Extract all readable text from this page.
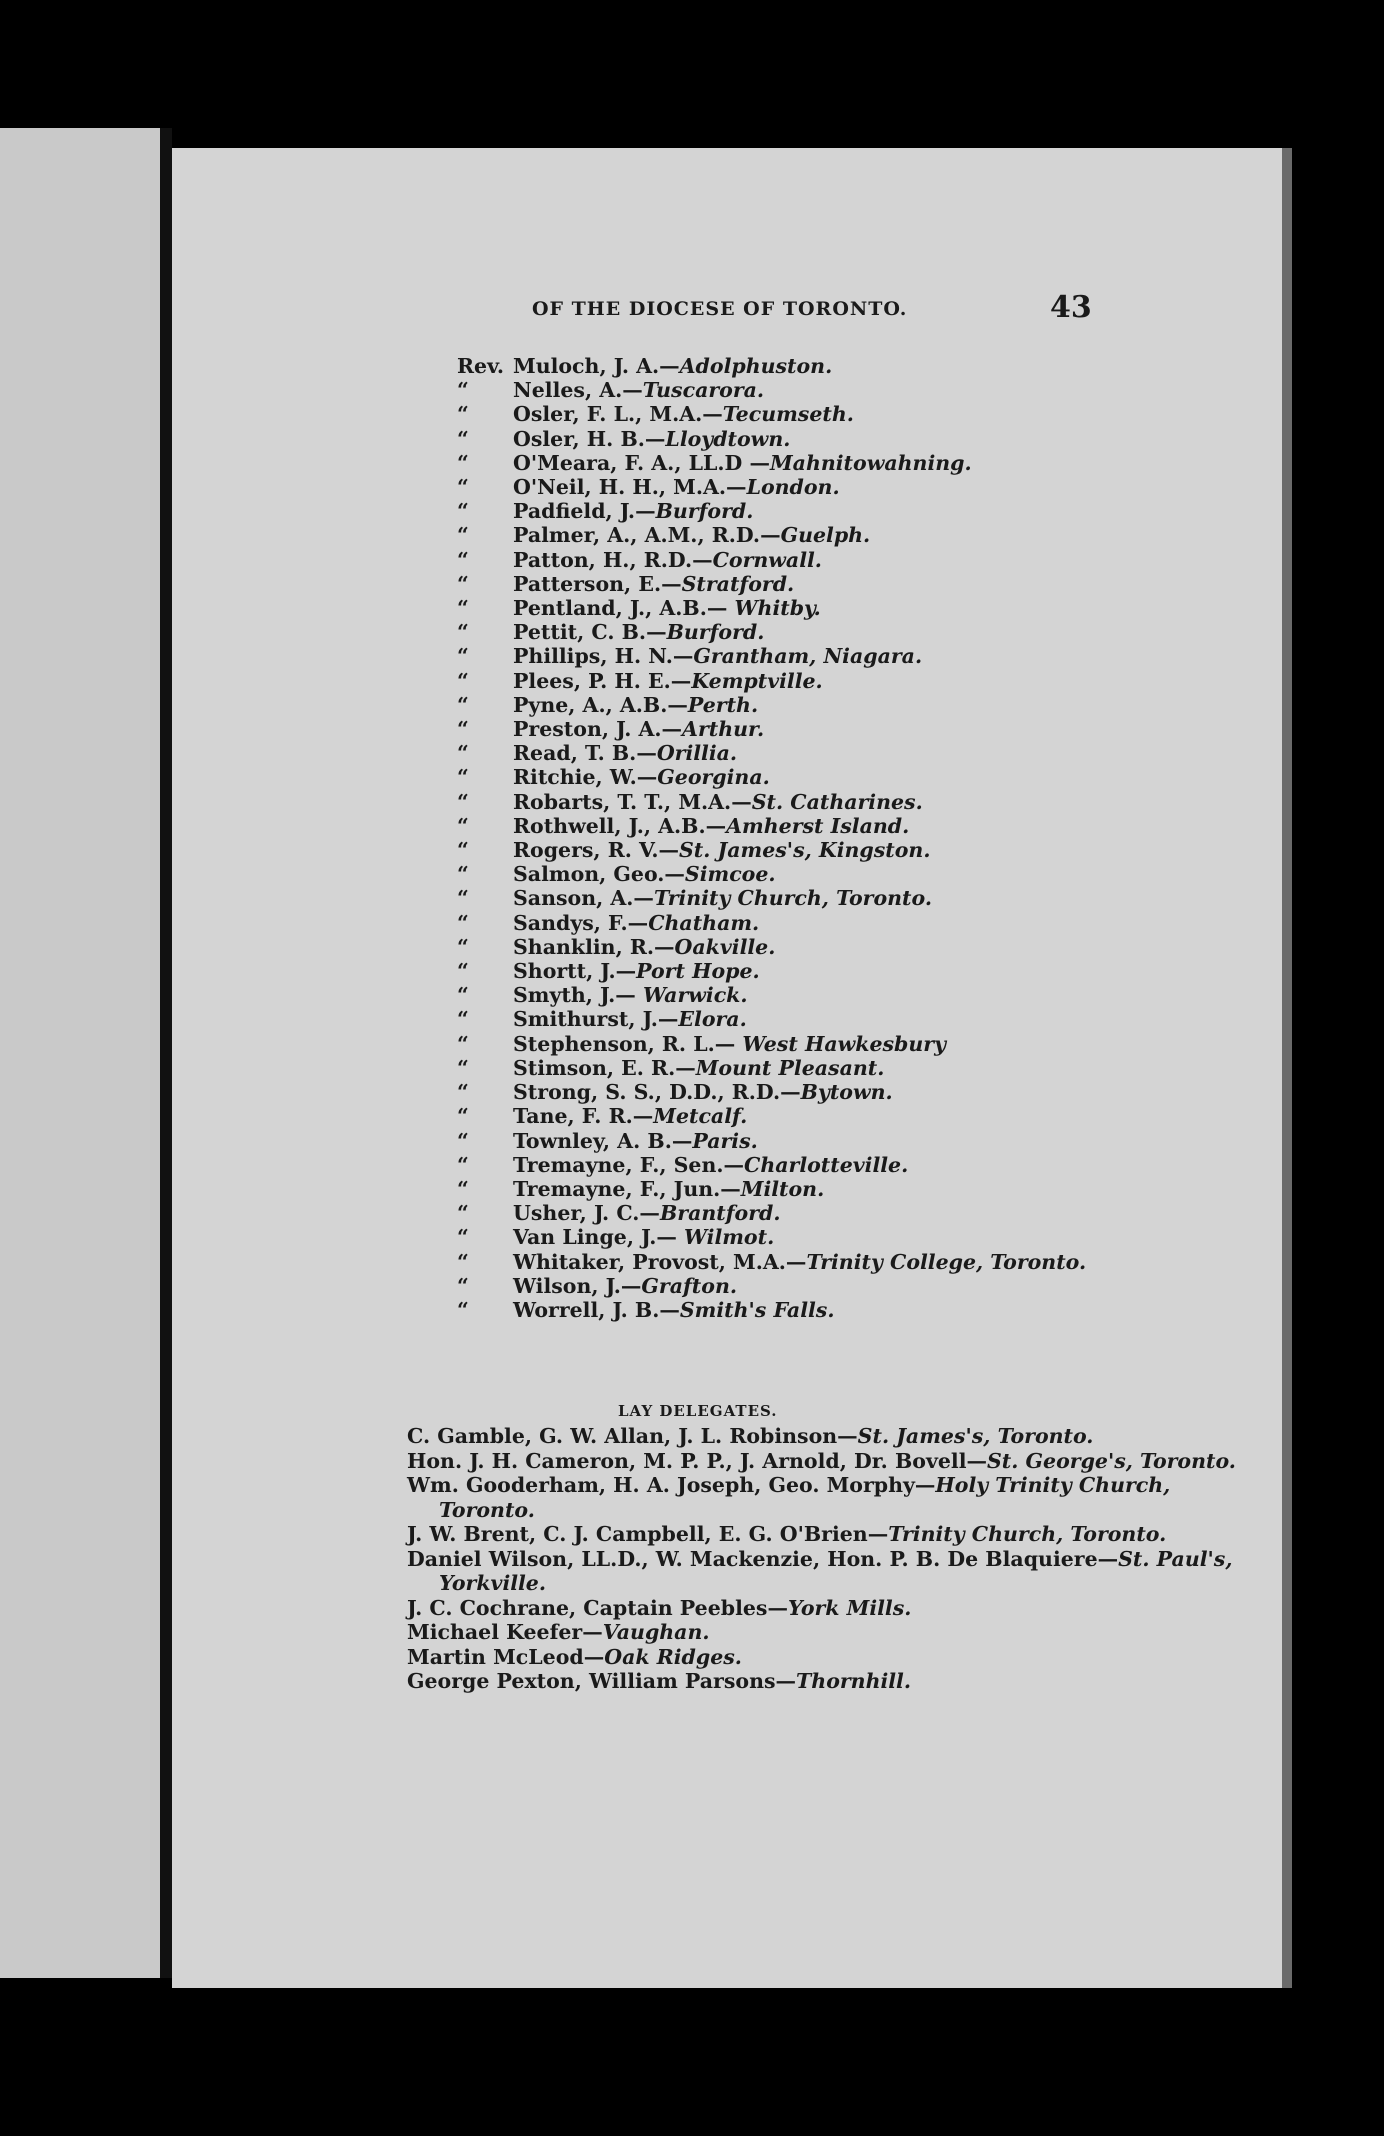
OF THE DIOCESE OF TORONTO.	43
Rev. Muloch, J. A.—Adolphuston.
“ Nelles, A.—Tuscarora.
“ Osler, F. L., M.A.—Tecumseth.
“ Osler, H. B.—Lloydtown.
“ O'Meara, F. A., LL.D —Mahnitowahning.
“ O'Neil, H. H., M.A.—London.
“ Padfield, J.—Burford.
“ Palmer, A., A.M., R.D.—Guelph.
“ Patton, H., R.D.—Cornwall.
“ Patterson, E.—Stratford.
“ Pentland, J., A.B.— Whitby.
“ Pettit, C. B.—Burford.
“ Phillips, H. N.—Grantham, Niagara.
“ Plees, P. H. E.—Kemptville.
“ Pyne, A., A.B.—Perth.
“ Preston, J. A.—Arthur.
“ Read, T. B.—Orillia.
“ Ritchie, W.—Georgina.
“ Robarts, T. T., M.A.—St. Catharines.
“ Rothwell, J., A.B.—Amherst Island.
“ Rogers, R. V.—St. James's, Kingston.
“ Salmon, Geo.—Simcoe.
“ Sanson, A.—Trinity Church, Toronto.
“ Sandys, F.—Chatham.
“ Shanklin, R.—Oakville.
“ Shortt, J.—Port Hope.
“ Smyth, J.— Warwick.
“ Smithurst, J.—Elora.
“ Stephenson, R. L.— West Hawkesbury
“ Stimson, E. R.—Mount Pleasant.
“ Strong, S. S., D.D., R.D.—Bytown.
“ Tane, F. R.—Metcalf.
“ Townley, A. B.—Paris.
“ Tremayne, F., Sen.—Charlotteville.
“ Tremayne, F., Jun.—Milton.
“ Usher, J. C.—Brantford.
“ Van Linge, J.— Wilmot.
“ Whitaker, Provost, M.A.—Trinity College, Toronto.
“ Wilson, J.—Grafton.
“ Worrell, J. B.—Smith's Falls.
LAY DELEGATES.
C. Gamble, G. W. Allan, J. L. Robinson—St. James's, Toronto.
Hon. J. H. Cameron, M. P. P., J. Arnold, Dr. Bovell—St. George's, Toronto.
Wm. Gooderham, H. A. Joseph, Geo. Morphy—Holy Trinity Church, Toronto.
J. W. Brent, C. J. Campbell, E. G. O'Brien—Trinity Church, Toronto.
Daniel Wilson, LL.D., W. Mackenzie, Hon. P. B. De Blaquiere—St. Paul's, Yorkville.
J. C. Cochrane, Captain Peebles—York Mills.
Michael Keefer—Vaughan.
Martin McLeod—Oak Ridges.
George Pexton, William Parsons—Thornhill.
